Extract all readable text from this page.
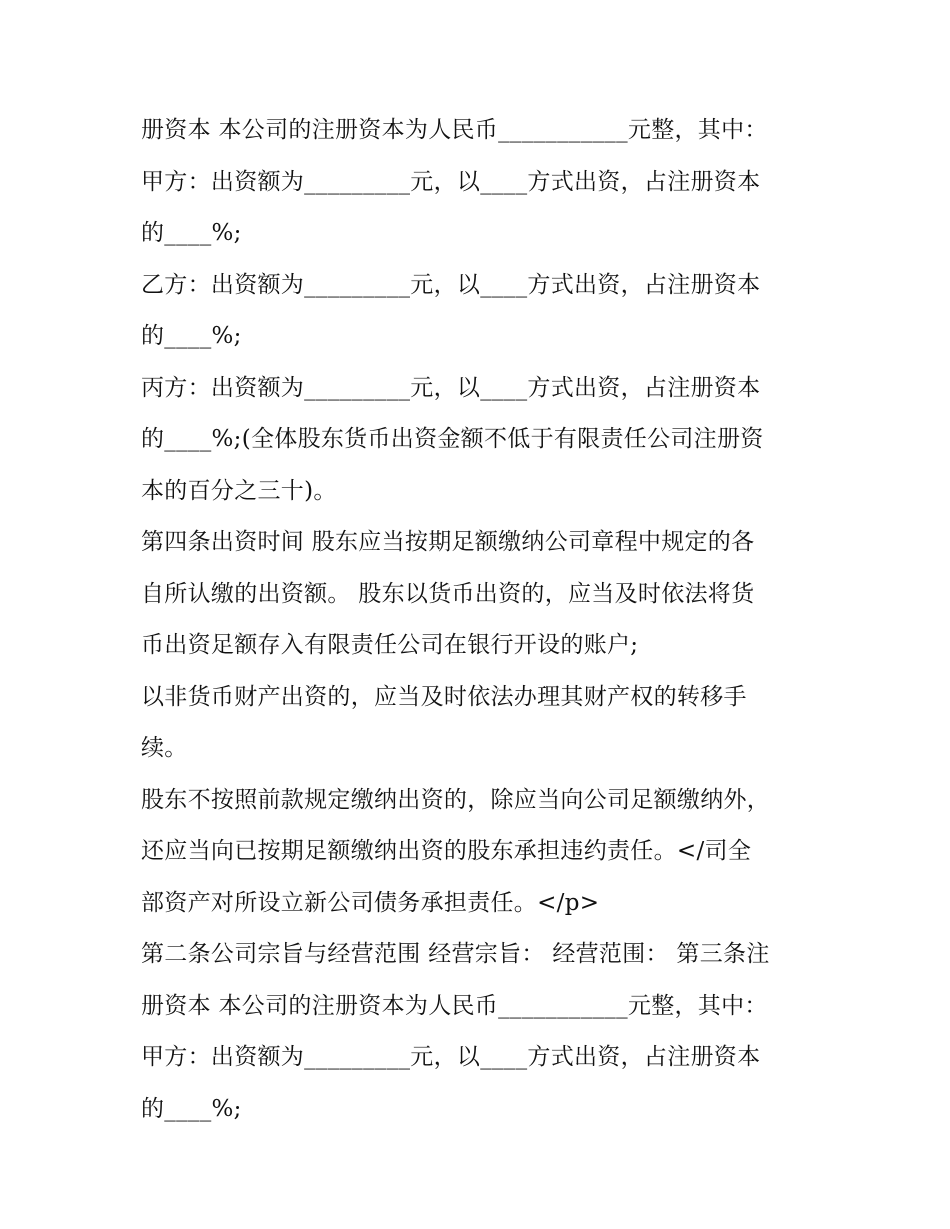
册资本 本公司的注册资本为人民币___________元整，其中：
甲方：出资额为_________元，以____方式出资，占注册资本
的____%;
乙方：出资额为_________元，以____方式出资，占注册资本
的____%;
丙方：出资额为_________元，以____方式出资，占注册资本
的____%;(全体股东货币出资金额不低于有限责任公司注册资
本的百分之三十)。
第四条出资时间 股东应当按期足额缴纳公司章程中规定的各
自所认缴的出资额。 股东以货币出资的，应当及时依法将货
币出资足额存入有限责任公司在银行开设的账户;
以非货币财产出资的，应当及时依法办理其财产权的转移手
续。
股东不按照前款规定缴纳出资的，除应当向公司足额缴纳外，
还应当向已按期足额缴纳出资的股东承担违约责任。</司全
部资产对所设立新公司债务承担责任。</p>
第二条公司宗旨与经营范围 经营宗旨： 经营范围： 第三条注
册资本 本公司的注册资本为人民币___________元整，其中：
甲方：出资额为_________元，以____方式出资，占注册资本
的____%;
